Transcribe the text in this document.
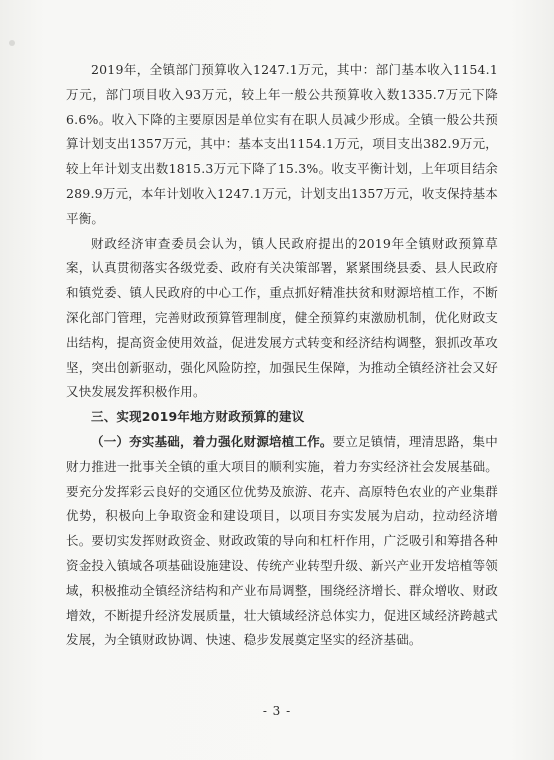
2019年，全镇部门预算收入1247.1万元，其中：部门基本收入1154.1万元，部门项目收入93万元，较上年一般公共预算收入数1335.7万元下降6.6%。收入下降的主要原因是单位实有在职人员减少形成。全镇一般公共预算计划支出1357万元，其中：基本支出1154.1万元，项目支出382.9万元，较上年计划支出数1815.3万元下降了15.3%。收支平衡计划，上年项目结余289.9万元，本年计划收入1247.1万元，计划支出1357万元，收支保持基本平衡。

财政经济审查委员会认为，镇人民政府提出的2019年全镇财政预算草案，认真贯彻落实各级党委、政府有关决策部署，紧紧围绕县委、县人民政府和镇党委、镇人民政府的中心工作，重点抓好精准扶贫和财源培植工作，不断深化部门管理，完善财政预算管理制度，健全预算约束激励机制，优化财政支出结构，提高资金使用效益，促进发展方式转变和经济结构调整，狠抓改革攻坚，突出创新驱动，强化风险防控，加强民生保障，为推动全镇经济社会又好又快发展发挥积极作用。

三、实现2019年地方财政预算的建议

（一）夯实基础，着力强化财源培植工作。要立足镇情，理清思路，集中财力推进一批事关全镇的重大项目的顺利实施，着力夯实经济社会发展基础。要充分发挥彩云良好的交通区位优势及旅游、花卉、高原特色农业的产业集群优势，积极向上争取资金和建设项目，以项目夯实发展为启动，拉动经济增长。要切实发挥财政资金、财政政策的导向和杠杆作用，广泛吸引和筹措各种资金投入镇域各项基础设施建设、传统产业转型升级、新兴产业开发培植等领域，积极推动全镇经济结构和产业布局调整，围绕经济增长、群众增收、财政增效，不断提升经济发展质量，壮大镇域经济总体实力，促进区域经济跨越式发展，为全镇财政协调、快速、稳步发展奠定坚实的经济基础。

- 3 -
